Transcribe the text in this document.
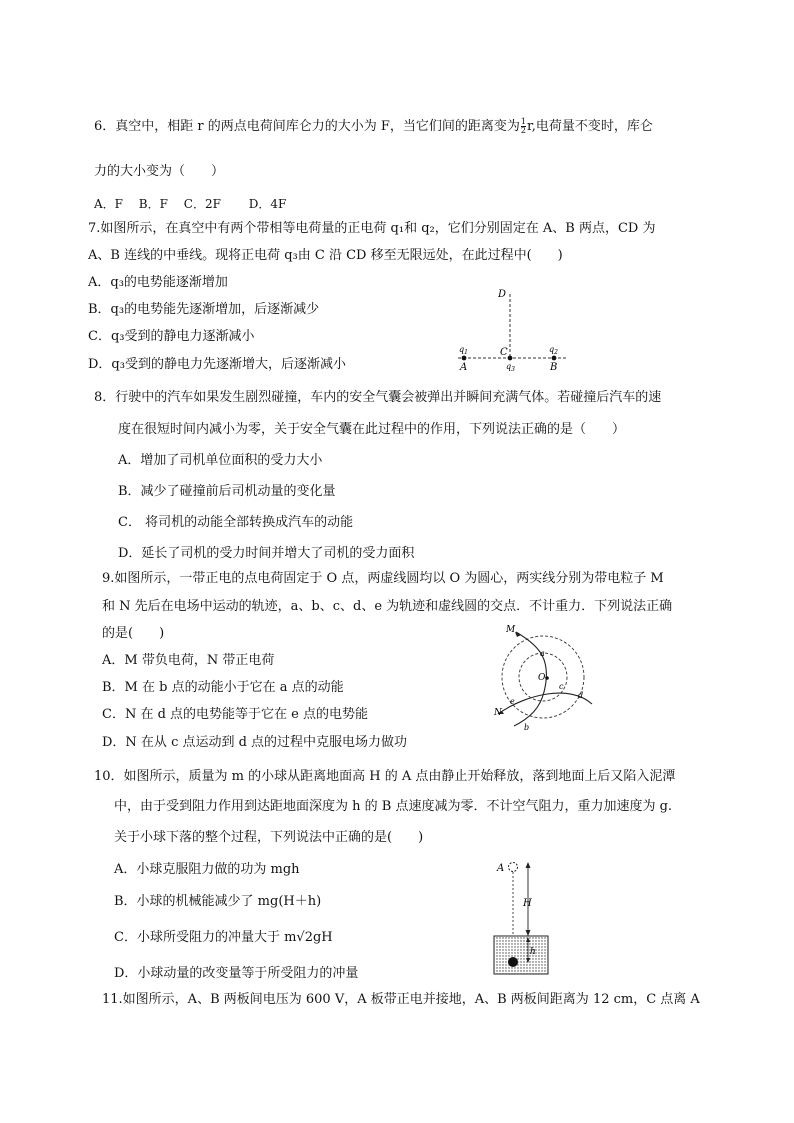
6．真空中，相距 r 的两点电荷间库仑力的大小为 F，当它们间的距离变为 $\frac{1}{2} r$,电荷量不变时，库仑
力的大小变为（　　）
A．F　 B．F　 C．2F　　 D．4F
7.如图所示，在真空中有两个带相等电荷量的正电荷 q₁和 q₂，它们分别固定在 A、B 两点，CD 为
A、B 连线的中垂线。现将正电荷 q₃由 C 沿 CD 移至无限远处，在此过程中(　　)
A．q₃的电势能逐渐增加
B．q₃的电势能先逐渐增加，后逐渐减少
C．q₃受到的静电力逐渐减小
D．q₃受到的静电力先逐渐增大，后逐渐减小
D
C
$q_1$	$q_2$
$q_3$
A	B
8．行驶中的汽车如果发生剧烈碰撞，车内的安全气囊会被弹出并瞬间充满气体。若碰撞后汽车的速
度在很短时间内减小为零，关于安全气囊在此过程中的作用，下列说法正确的是（　　）
A．增加了司机单位面积的受力大小
B．减少了碰撞前后司机动量的变化量
C． 将司机的动能全部转换成汽车的动能
D．延长了司机的受力时间并增大了司机的受力面积
9.如图所示，一带正电的点电荷固定于 O 点，两虚线圆均以 O 为圆心，两实线分别为带电粒子 M
和 N 先后在电场中运动的轨迹，a、b、c、d、e 为轨迹和虚线圆的交点．不计重力．下列说法正确
的是(　　)
A．M 带负电荷，N 带正电荷
B．M 在 b 点的动能小于它在 a 点的动能
C．N 在 d 点的电势能等于它在 e 点的电势能
D．N 在从 c 点运动到 d 点的过程中克服电场力做功
M
N
O
a
b
c
d
e
10．如图所示，质量为 m 的小球从距离地面高 H 的 A 点由静止开始释放，落到地面上后又陷入泥潭
中，由于受到阻力作用到达距地面深度为 h 的 B 点速度减为零．不计空气阻力，重力加速度为 g.
关于小球下落的整个过程，下列说法中正确的是(　　)
A．小球克服阻力做的功为 mgh
B．小球的机械能减少了 mg(H＋h)
C．小球所受阻力的冲量大于 m√2gH
D．小球动量的改变量等于所受阻力的冲量
A
H
h
11.如图所示，A、B 两板间电压为 600 V，A 板带正电并接地，A、B 两板间距离为 12 cm，C 点离 A
